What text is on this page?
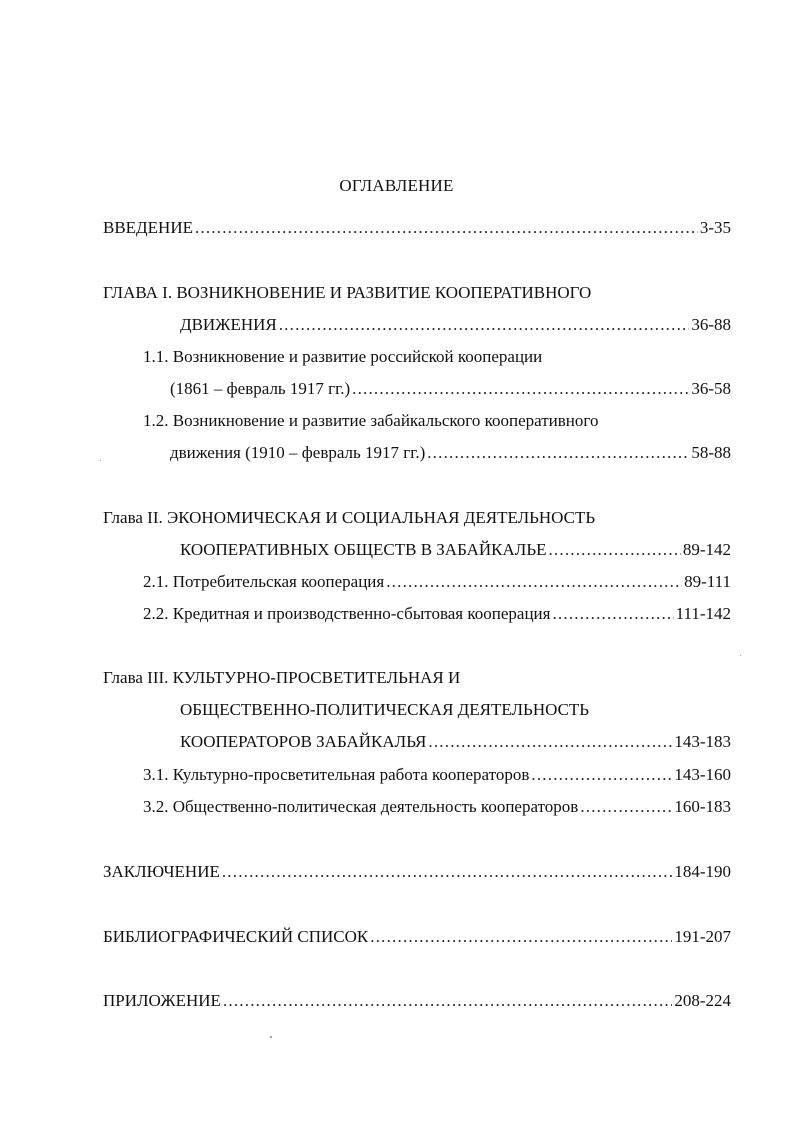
ОГЛАВЛЕНИЕ
ВВЕДЕНИЕ .....	3-35
ГЛАВА I. ВОЗНИКНОВЕНИЕ И РАЗВИТИЕ КООПЕРАТИВНОГО
ДВИЖЕНИЯ .....	36-88
1.1. Возникновение и развитие российской кооперации
(1861 – февраль 1917 гг.) .....	36-58
1.2. Возникновение и развитие забайкальского кооперативного
движения (1910 – февраль 1917 гг.) .....	58-88
Глава II. ЭКОНОМИЧЕСКАЯ И СОЦИАЛЬНАЯ ДЕЯТЕЛЬНОСТЬ
КООПЕРАТИВНЫХ ОБЩЕСТВ В ЗАБАЙКАЛЬЕ .....	89-142
2.1. Потребительская кооперация .....	89-111
2.2. Кредитная и производственно-сбытовая кооперация .....	111-142
Глава III. КУЛЬТУРНО-ПРОСВЕТИТЕЛЬНАЯ И
ОБЩЕСТВЕННО-ПОЛИТИЧЕСКАЯ ДЕЯТЕЛЬНОСТЬ
КООПЕРАТОРОВ ЗАБАЙКАЛЬЯ .....	143-183
3.1. Культурно-просветительная работа кооператоров .....	143-160
3.2. Общественно-политическая деятельность кооператоров .....	160-183
ЗАКЛЮЧЕНИЕ .....	184-190
БИБЛИОГРАФИЧЕСКИЙ СПИСОК .....	191-207
ПРИЛОЖЕНИЕ .....	208-224
